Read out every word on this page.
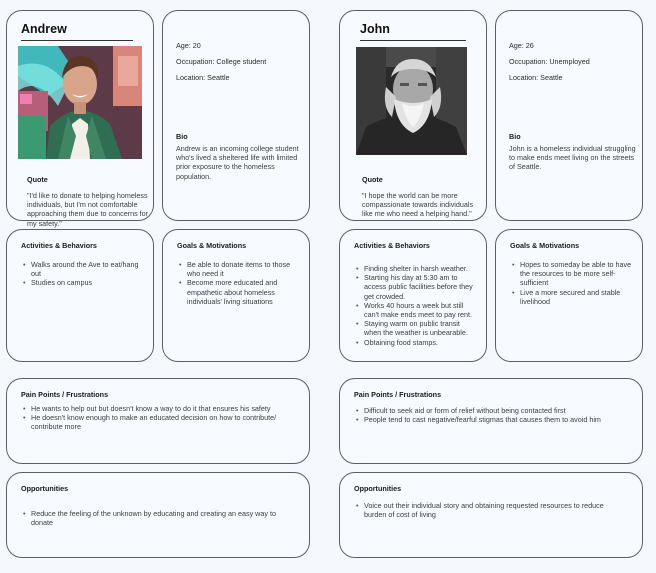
Andrew
Quote
"I'd like to donate to helping homeless individuals, but I'm not comfortable approaching them due to concerns for my safety."
Age: 20
Occupation: College student
Location: Seattle
Bio
Andrew is an incoming college student who's lived a sheltered life with limited prior exposure to the homeless population.
Activities & Behaviors
• Walks around the Ave to eat/hang out
• Studies on campus
Goals & Motivations
• Be able to donate items to those who need it
• Become more educated and empathetic about homeless individuals' living situations
Pain Points / Frustrations
• He wants to help out but doesn't know a way to do it that ensures his safety
• He doesn't know enough to make an educated decision on how to contribute/ contribute more
Opportunities
• Reduce the feeling of the unknown by educating and creating an easy way to donate
John
Quote
"I hope the world can be more compassionate towards individuals like me who need a helping hand."
Age: 26
Occupation: Unemployed
Location: Seattle
Bio
John is a homeless individual struggling to make ends meet living on the streets of Seattle.
Activities & Behaviors
• Finding shelter in harsh weather.
• Starting his day at 5:30 am to access public facilities before they get crowded.
• Works 40 hours a week but still can't make ends meet to pay rent.
• Staying warm on public transit when the weather is unbearable.
• Obtaining food stamps.
Goals & Motivations
• Hopes to someday be able to have the resources to be more self-sufficient
• Live a more secured and stable livelihood
Pain Points / Frustrations
• Difficult to seek aid or form of relief without being contacted first
• People tend to cast negative/fearful stigmas that causes them to avoid him
Opportunities
• Voice out their individual story and obtaining requested resources to reduce burden of cost of living
